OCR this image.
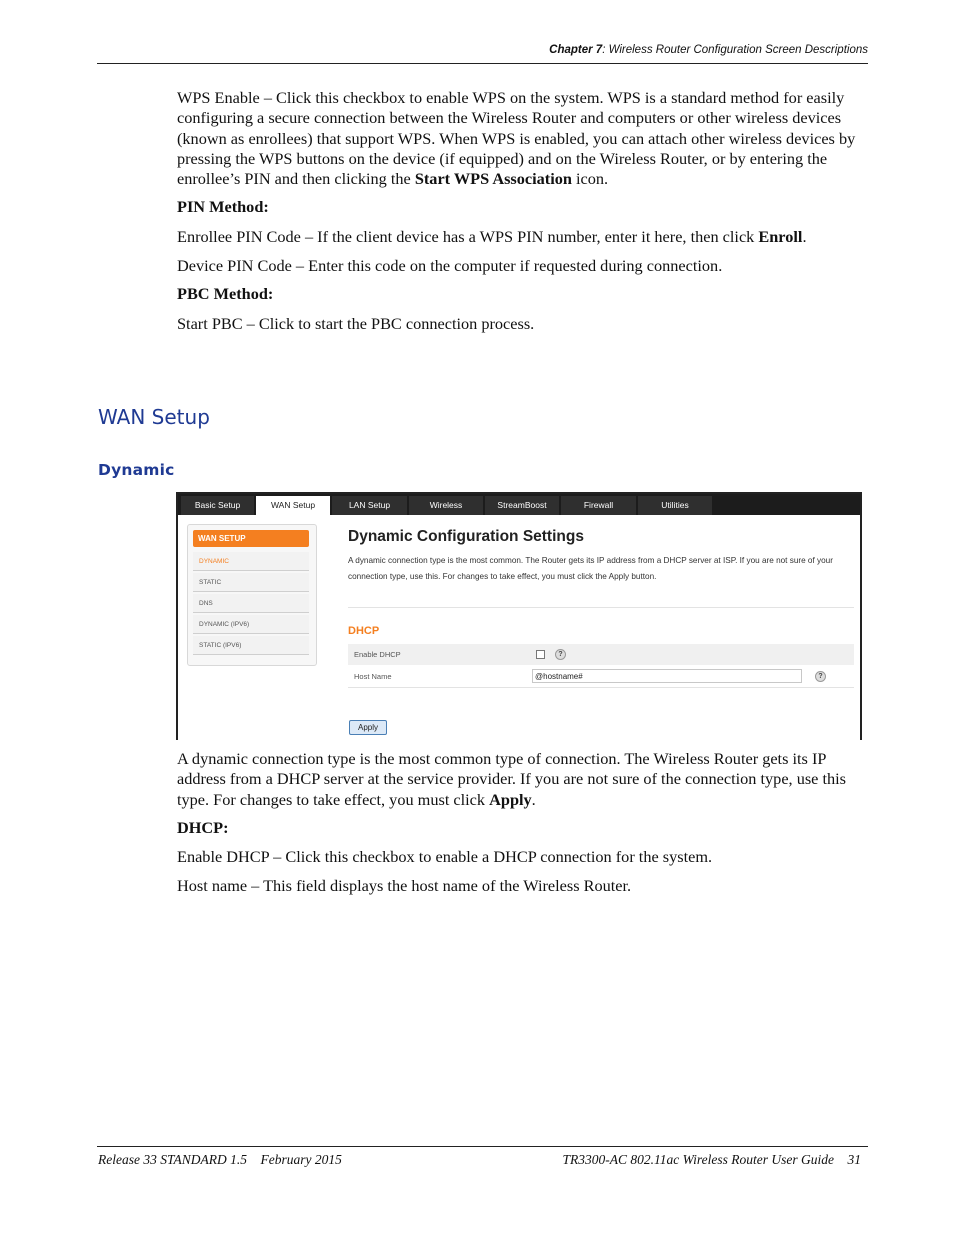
Chapter 7: Wireless Router Configuration Screen Descriptions

WPS Enable – Click this checkbox to enable WPS on the system. WPS is a standard method for easily configuring a secure connection between the Wireless Router and computers or other wireless devices (known as enrollees) that support WPS. When WPS is enabled, you can attach other wireless devices by pressing the WPS buttons on the device (if equipped) and on the Wireless Router, or by entering the enrollee’s PIN and then clicking the Start WPS Association icon.

PIN Method:

Enrollee PIN Code – If the client device has a WPS PIN number, enter it here, then click Enroll.

Device PIN Code – Enter this code on the computer if requested during connection.

PBC Method:

Start PBC – Click to start the PBC connection process.

WAN Setup
Dynamic
Basic Setup	WAN Setup	LAN Setup	Wireless	StreamBoost	Firewall	Utilities
WAN SETUP
DYNAMIC
STATIC
DNS
DYNAMIC (IPV6)
STATIC (IPV6)
Dynamic Configuration Settings
A dynamic connection type is the most common. The Router gets its IP address from a DHCP server at ISP. If you are not sure of your connection type, use this. For changes to take effect, you must click the Apply button.
DHCP
Enable DHCP	?
Host Name	@hostname#	?
Apply

A dynamic connection type is the most common type of connection. The Wireless Router gets its IP address from a DHCP server at the service provider. If you are not sure of the connection type, use this type. For changes to take effect, you must click Apply.

DHCP:

Enable DHCP – Click this checkbox to enable a DHCP connection for the system.

Host name – This field displays the host name of the Wireless Router.

Release 33 STANDARD 1.5    February 2015	TR3300-AC 802.11ac Wireless Router User Guide    31
